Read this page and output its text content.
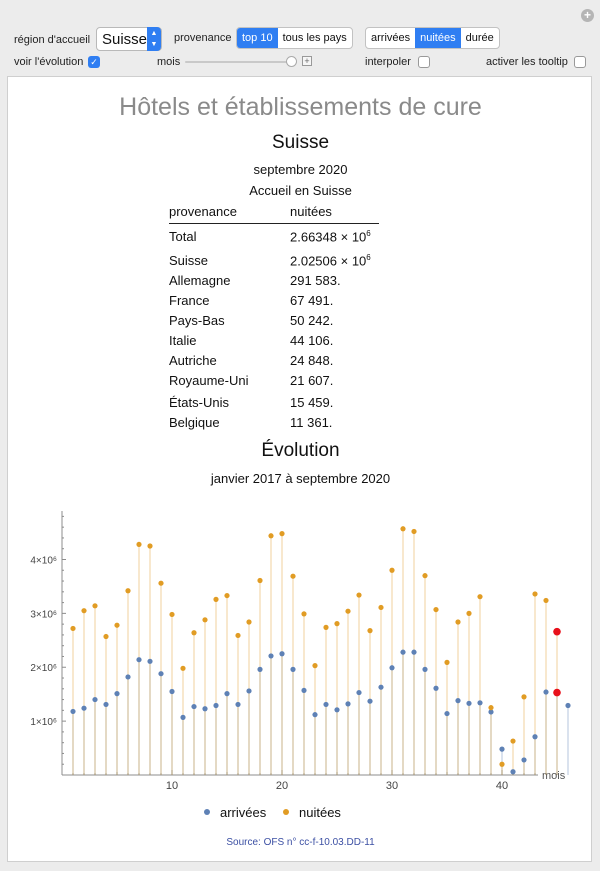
+
région d'accueil Suisse ▲
▼
provenance top 10 tous les pays	arrivées nuitées durée
voir l'évolution ✓	mois	+	interpoler	activer les tooltip
Hôtels et établissements de cure
Suisse
septembre 2020
Accueil en Suisse
provenance	nuitées
Total	$2.66348 \times 10^6$
Suisse	$2.02506 \times 10^6$
Allemagne	291 583.
France	67 491.
Pays-Bas	50 242.
Italie	44 106.
Autriche	24 848.
Royaume-Uni	21 607.
États-Unis	15 459.
Belgique	11 361.
Évolution
janvier 2017 à septembre 2020
1×10⁶
2×10⁶
3×10⁶
4×10⁶
10	20	30	40
mois
arrivées	nuitées
Source: OFS n° cc-f-10.03.DD-11
